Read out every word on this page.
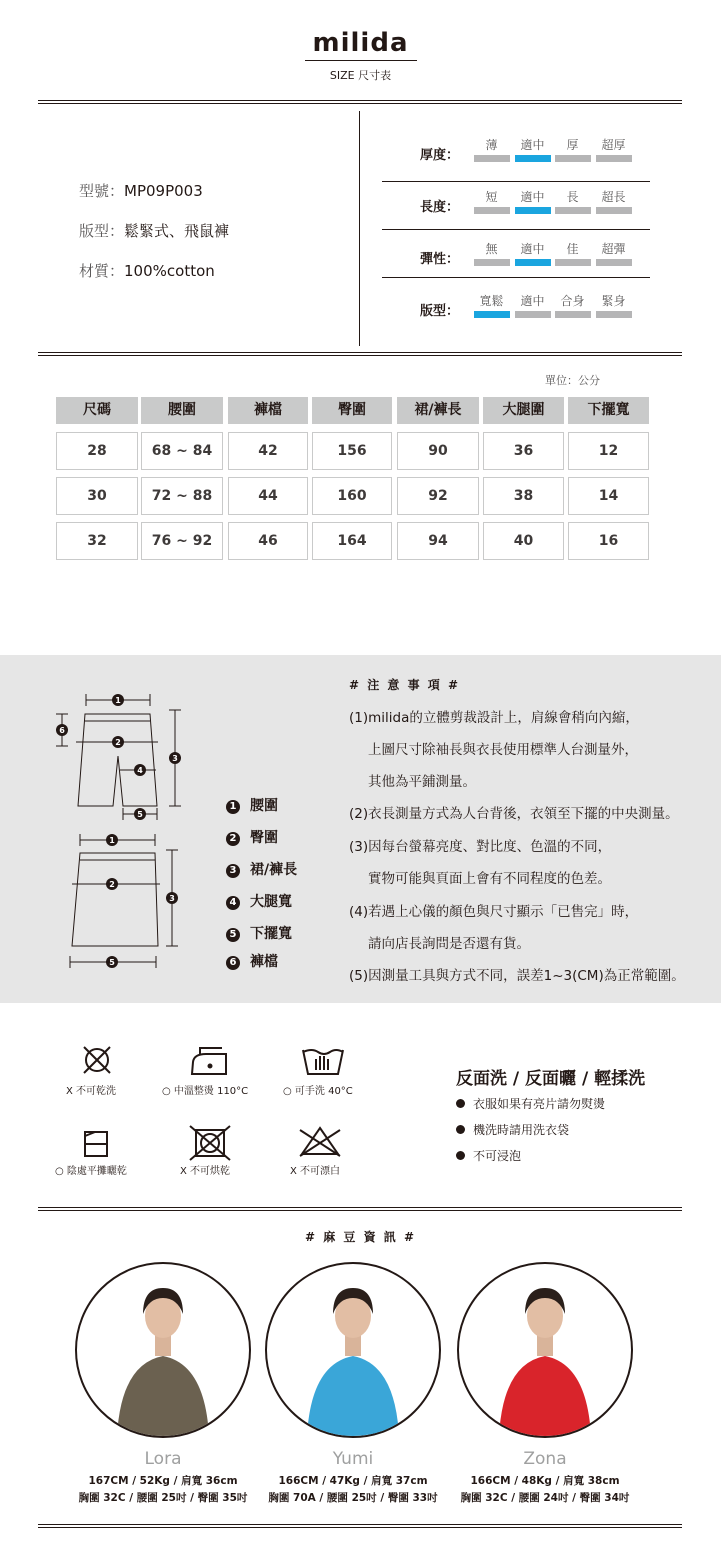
milida
SIZE 尺寸表
型號：MP09P003
版型：鬆緊式、飛鼠褲
材質：100%cotton
厚度：
薄	適中	厚	超厚
長度：
短	適中	長	超長
彈性：
無	適中	佳	超彈
版型：
寬鬆	適中	合身	緊身
單位：公分
尺碼	腰圍	褲檔	臀圍	裙/褲長	大腿圍	下擺寬
28	68 ~ 84	42	156	90	36	12
30	72 ~ 88	44	160	92	38	14
32	76 ~ 92	46	164	94	40	16
1
6
2
3
4
5
1
2
3
5
1 腰圍
2 臀圍
3 裙/褲長
4 大腿寬
5 下擺寬
6 褲檔
# 注 意 事 項 #
(1)milida的立體剪裁設計上，肩線會稍向內縮，
上圖尺寸除袖長與衣長使用標準人台測量外，
其他為平鋪測量。
(2)衣長測量方式為人台背後，衣領至下擺的中央測量。
(3)因每台螢幕亮度、對比度、色溫的不同，
實物可能與頁面上會有不同程度的色差。
(4)若遇上心儀的顏色與尺寸顯示「已售完」時，
請向店長詢問是否還有貨。
(5)因測量工具與方式不同，誤差1~3(CM)為正常範圍。
X 不可乾洗	○ 中溫整燙 110°C	○ 可手洗 40°C
○ 陰處平攤曬乾	X 不可烘乾	X 不可漂白
反面洗 / 反面曬 / 輕揉洗
衣服如果有亮片請勿熨燙
機洗時請用洗衣袋
不可浸泡
# 麻 豆 資 訊 #
Lora
167CM / 52Kg / 肩寬 36cm
胸圍 32C / 腰圍 25吋 / 臀圍 35吋
Yumi
166CM / 47Kg / 肩寬 37cm
胸圍 70A / 腰圍 25吋 / 臀圍 33吋
Zona
166CM / 48Kg / 肩寬 38cm
胸圍 32C / 腰圍 24吋 / 臀圍 34吋
